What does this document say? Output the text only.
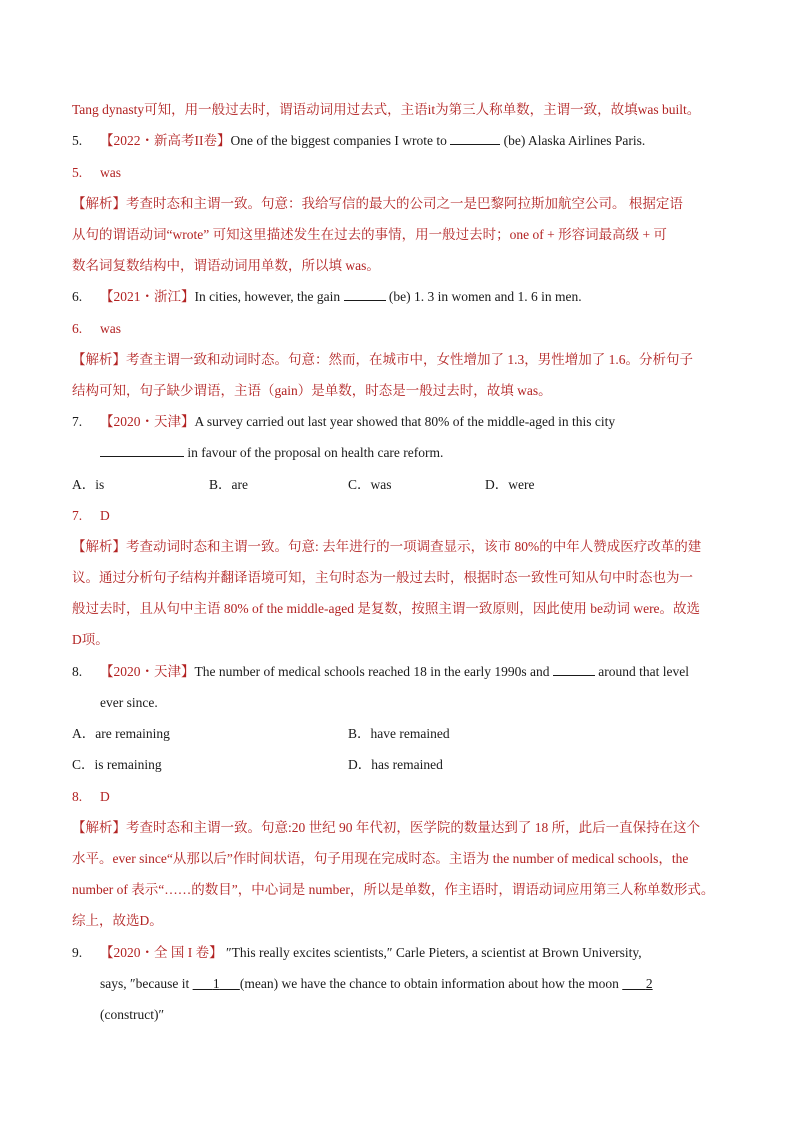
Tang dynasty可知，用一般过去时，谓语动词用过去式，主语it为第三人称单数，主谓一致，故填was built。
5. 【2022・新高考II卷】One of the biggest companies I wrote to	(be) Alaska Airlines Paris.
5. was
【解析】考查时态和主谓一致。句意：我给写信的最大的公司之一是巴黎阿拉斯加航空公司。 根据定语
从句的谓语动词“wrote” 可知这里描述发生在过去的事情，用一般过去时；one of + 形容词最高级 + 可
数名词复数结构中，谓语动词用单数，所以填 was。
6. 【2021・浙江】In cities, however, the gain	(be) 1. 3 in women and 1. 6 in men.
6. was
【解析】考查主谓一致和动词时态。句意：然而，在城市中，女性增加了 1.3，男性增加了 1.6。分析句子
结构可知，句子缺少谓语，主语（gain）是单数，时态是一般过去时，故填 was。
7. 【2020・天津】A survey carried out last year showed that 80% of the middle-aged in this city
in favour of the proposal on health care reform.
A．is	B．are	C．was	D．were
7. D
【解析】考查动词时态和主谓一致。句意: 去年进行的一项调查显示，该市 80%的中年人赞成医疗改革的建
议。通过分析句子结构并翻译语境可知，主句时态为一般过去时，根据时态一致性可知从句中时态也为一
般过去时，且从句中主语 80% of the middle-aged 是复数，按照主谓一致原则，因此使用 be动词 were。故选
D项。
8. 【2020・天津】The number of medical schools reached 18 in the early 1990s and	around that level
ever since.
A．are remaining	B．have remained
C．is remaining	D．has remained
8. D
【解析】考查时态和主谓一致。句意:20 世纪 90 年代初，医学院的数量达到了 18 所，此后一直保持在这个
水平。ever since“从那以后”作时间状语，句子用现在完成时态。主语为 the number of medical schools，the
number of 表示“……的数目”，中心词是 number，所以是单数，作主语时，谓语动词应用第三人称单数形式。
综上，故选D。
9. 【2020・全 国 I 卷】 ″This really excites scientists,″ Carle Pieters, a scientist at Brown University,
says, ″because it       1 (mean) we have the chance to obtain information about how the moon        2
(construct)″
